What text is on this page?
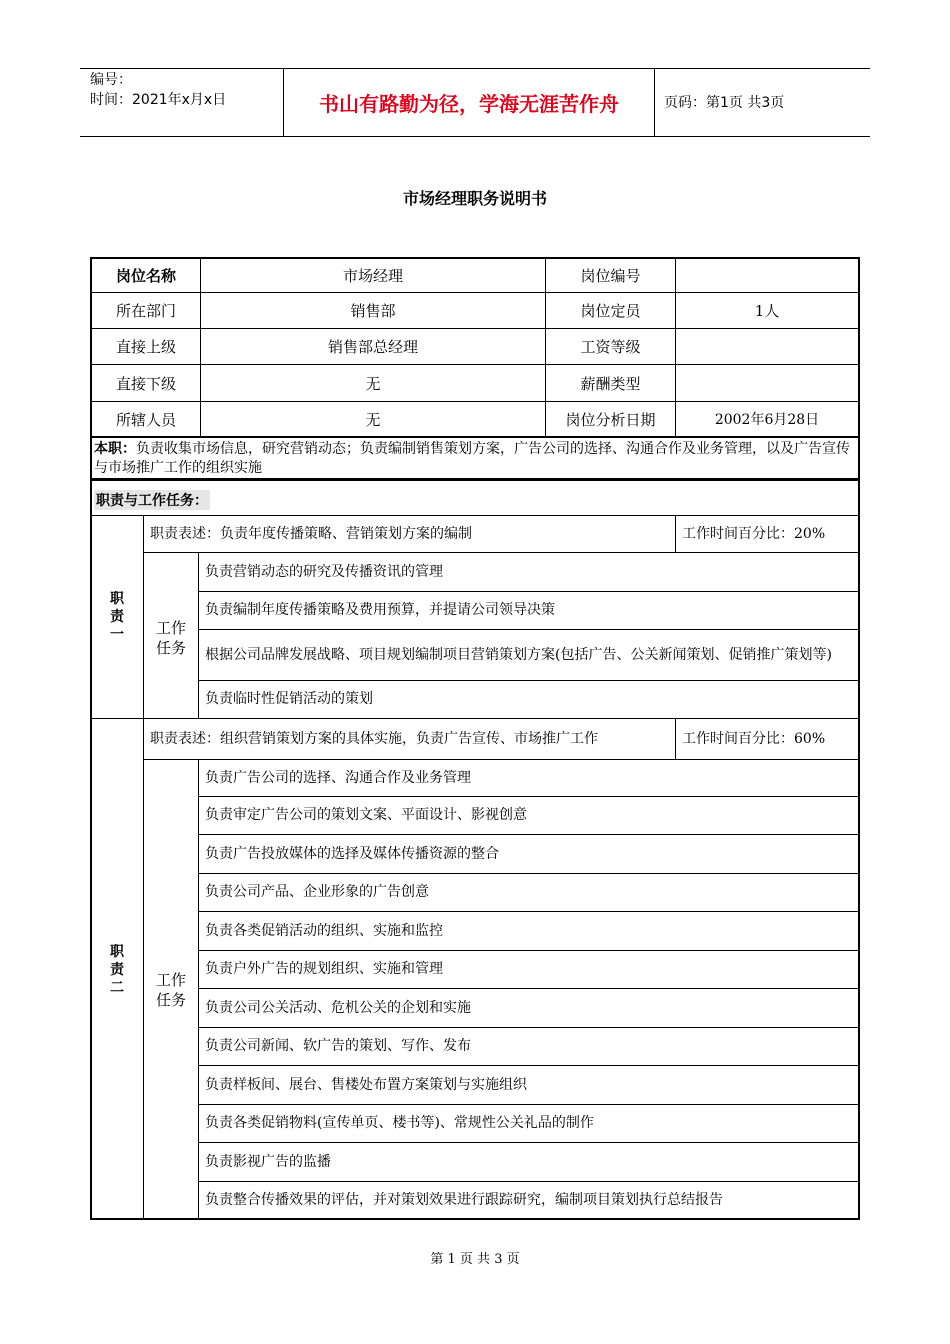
编号：
时间：2021年x月x日	书山有路勤为径，学海无涯苦作舟	页码：第1页 共3页
市场经理职务说明书
岗位名称	市场经理	岗位编号
所在部门	销售部	岗位定员	1人
直接上级	销售部总经理	工资等级
直接下级	无	薪酬类型
所辖人员	无	岗位分析日期	2002年6月28日
本职：负责收集市场信息，研究营销动态；负责编制销售策划方案，广告公司的选择、沟通合作及业务管理，以及广告宣传与市场推广工作的组织实施
职责与工作任务：
职
责
一
职责表述：负责年度传播策略、营销策划方案的编制	工作时间百分比：20%
工作
任务
负责营销动态的研究及传播资讯的管理
负责编制年度传播策略及费用预算，并提请公司领导决策
根据公司品牌发展战略、项目规划编制项目营销策划方案(包括广告、公关新闻策划、促销推广策划等)
负责临时性促销活动的策划
职
责
二
职责表述：组织营销策划方案的具体实施，负责广告宣传、市场推广工作	工作时间百分比：60%
工作
任务
负责广告公司的选择、沟通合作及业务管理
负责审定广告公司的策划文案、平面设计、影视创意
负责广告投放媒体的选择及媒体传播资源的整合
负责公司产品、企业形象的广告创意
负责各类促销活动的组织、实施和监控
负责户外广告的规划组织、实施和管理
负责公司公关活动、危机公关的企划和实施
负责公司新闻、软广告的策划、写作、发布
负责样板间、展台、售楼处布置方案策划与实施组织
负责各类促销物料(宣传单页、楼书等)、常规性公关礼品的制作
负责影视广告的监播
负责整合传播效果的评估，并对策划效果进行跟踪研究，编制项目策划执行总结报告
第 1 页 共 3 页
